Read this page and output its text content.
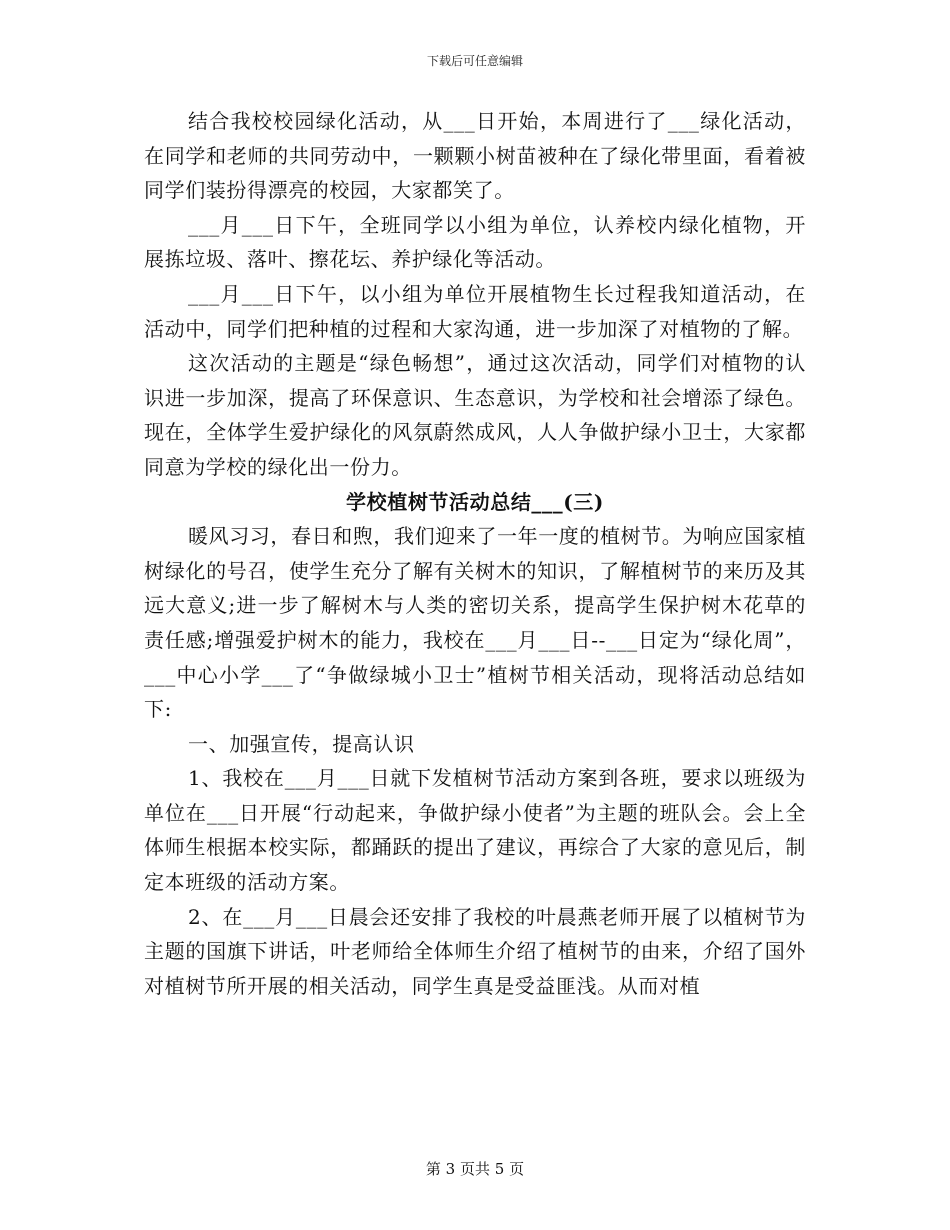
下载后可任意编辑

结合我校校园绿化活动，从___日开始，本周进行了___绿化活动，在同学和老师的共同劳动中，一颗颗小树苗被种在了绿化带里面，看着被同学们装扮得漂亮的校园，大家都笑了。

___月___日下午，全班同学以小组为单位，认养校内绿化植物，开展拣垃圾、落叶、擦花坛、养护绿化等活动。

___月___日下午，以小组为单位开展植物生长过程我知道活动，在活动中，同学们把种植的过程和大家沟通，进一步加深了对植物的了解。

这次活动的主题是“绿色畅想”，通过这次活动，同学们对植物的认识进一步加深，提高了环保意识、生态意识，为学校和社会增添了绿色。现在，全体学生爱护绿化的风氛蔚然成风，人人争做护绿小卫士，大家都同意为学校的绿化出一份力。

学校植树节活动总结___(三)

暖风习习，春日和煦，我们迎来了一年一度的植树节。为响应国家植树绿化的号召，使学生充分了解有关树木的知识，了解植树节的来历及其远大意义;进一步了解树木与人类的密切关系，提高学生保护树木花草的责任感;增强爱护树木的能力，我校在___月___日--___日定为“绿化周”，___中心小学___了“争做绿城小卫士”植树节相关活动，现将活动总结如下:

一、加强宣传，提高认识

1、我校在___月___日就下发植树节活动方案到各班，要求以班级为单位在___日开展“行动起来，争做护绿小使者”为主题的班队会。会上全体师生根据本校实际，都踊跃的提出了建议，再综合了大家的意见后，制定本班级的活动方案。

2、在___月___日晨会还安排了我校的叶晨燕老师开展了以植树节为主题的国旗下讲话，叶老师给全体师生介绍了植树节的由来，介绍了国外对植树节所开展的相关活动，同学生真是受益匪浅。从而对植

第 3 页共 5 页
